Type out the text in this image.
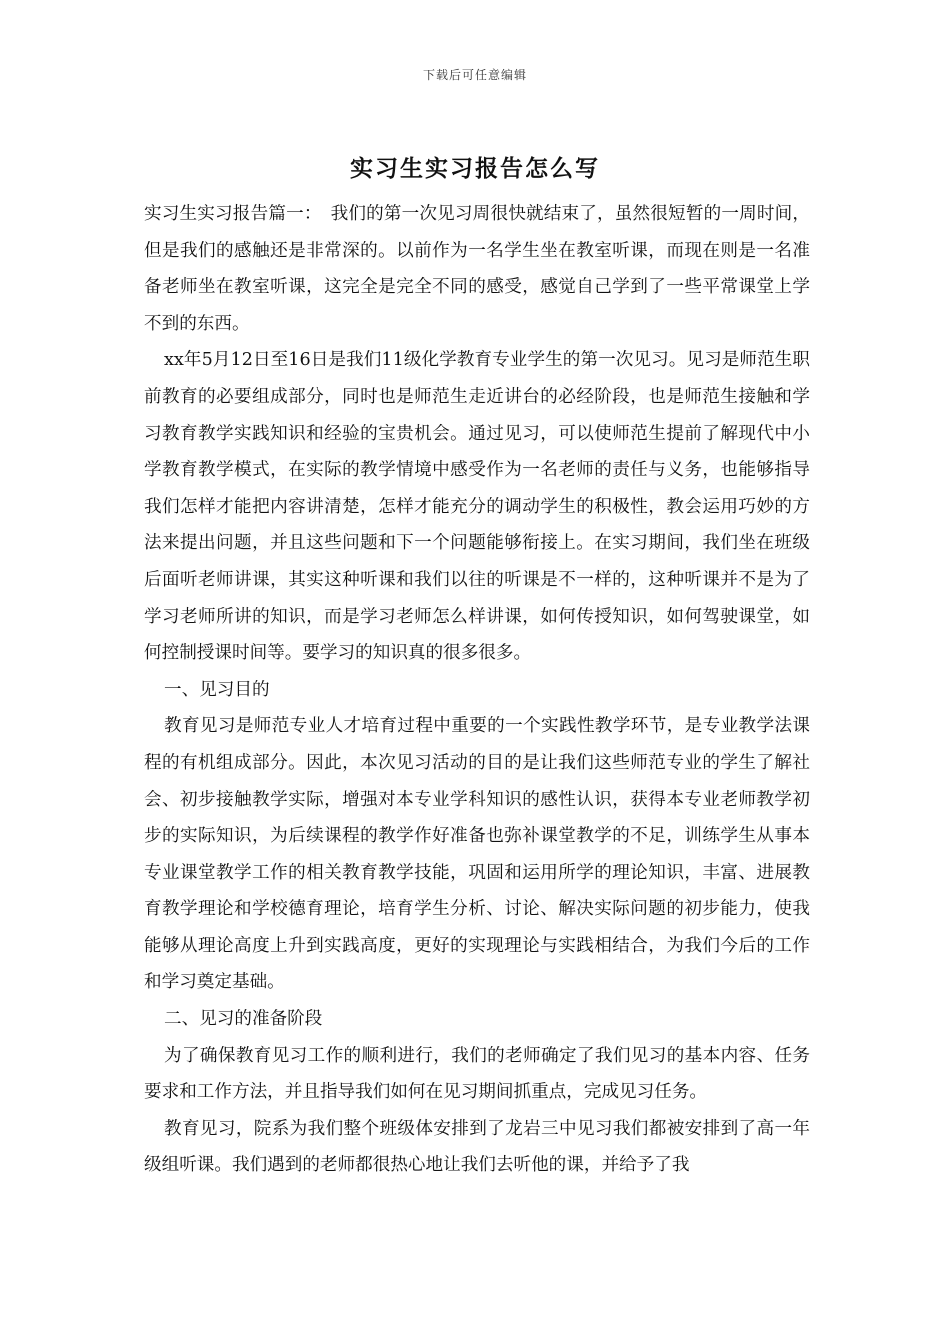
下载后可任意编辑
实习生实习报告怎么写

实习生实习报告篇一：　我们的第一次见习周很快就结束了，虽然很短暂的一周时间，但是我们的感触还是非常深的。以前作为一名学生坐在教室听课，而现在则是一名准备老师坐在教室听课，这完全是完全不同的感受，感觉自己学到了一些平常课堂上学不到的东西。

xx年5月12日至16日是我们11级化学教育专业学生的第一次见习。见习是师范生职前教育的必要组成部分，同时也是师范生走近讲台的必经阶段，也是师范生接触和学习教育教学实践知识和经验的宝贵机会。通过见习，可以使师范生提前了解现代中小学教育教学模式，在实际的教学情境中感受作为一名老师的责任与义务，也能够指导我们怎样才能把内容讲清楚，怎样才能充分的调动学生的积极性，教会运用巧妙的方法来提出问题，并且这些问题和下一个问题能够衔接上。在实习期间，我们坐在班级后面听老师讲课，其实这种听课和我们以往的听课是不一样的，这种听课并不是为了学习老师所讲的知识，而是学习老师怎么样讲课，如何传授知识，如何驾驶课堂，如何控制授课时间等。要学习的知识真的很多很多。

一、见习目的

教育见习是师范专业人才培育过程中重要的一个实践性教学环节，是专业教学法课程的有机组成部分。因此，本次见习活动的目的是让我们这些师范专业的学生了解社会、初步接触教学实际，增强对本专业学科知识的感性认识，获得本专业老师教学初步的实际知识，为后续课程的教学作好准备也弥补课堂教学的不足，训练学生从事本专业课堂教学工作的相关教育教学技能，巩固和运用所学的理论知识，丰富、进展教育教学理论和学校德育理论，培育学生分析、讨论、解决实际问题的初步能力，使我能够从理论高度上升到实践高度，更好的实现理论与实践相结合，为我们今后的工作和学习奠定基础。

二、见习的准备阶段

为了确保教育见习工作的顺利进行，我们的老师确定了我们见习的基本内容、任务要求和工作方法，并且指导我们如何在见习期间抓重点，完成见习任务。

教育见习，院系为我们整个班级体安排到了龙岩三中见习我们都被安排到了高一年级组听课。我们遇到的老师都很热心地让我们去听他的课，并给予了我
